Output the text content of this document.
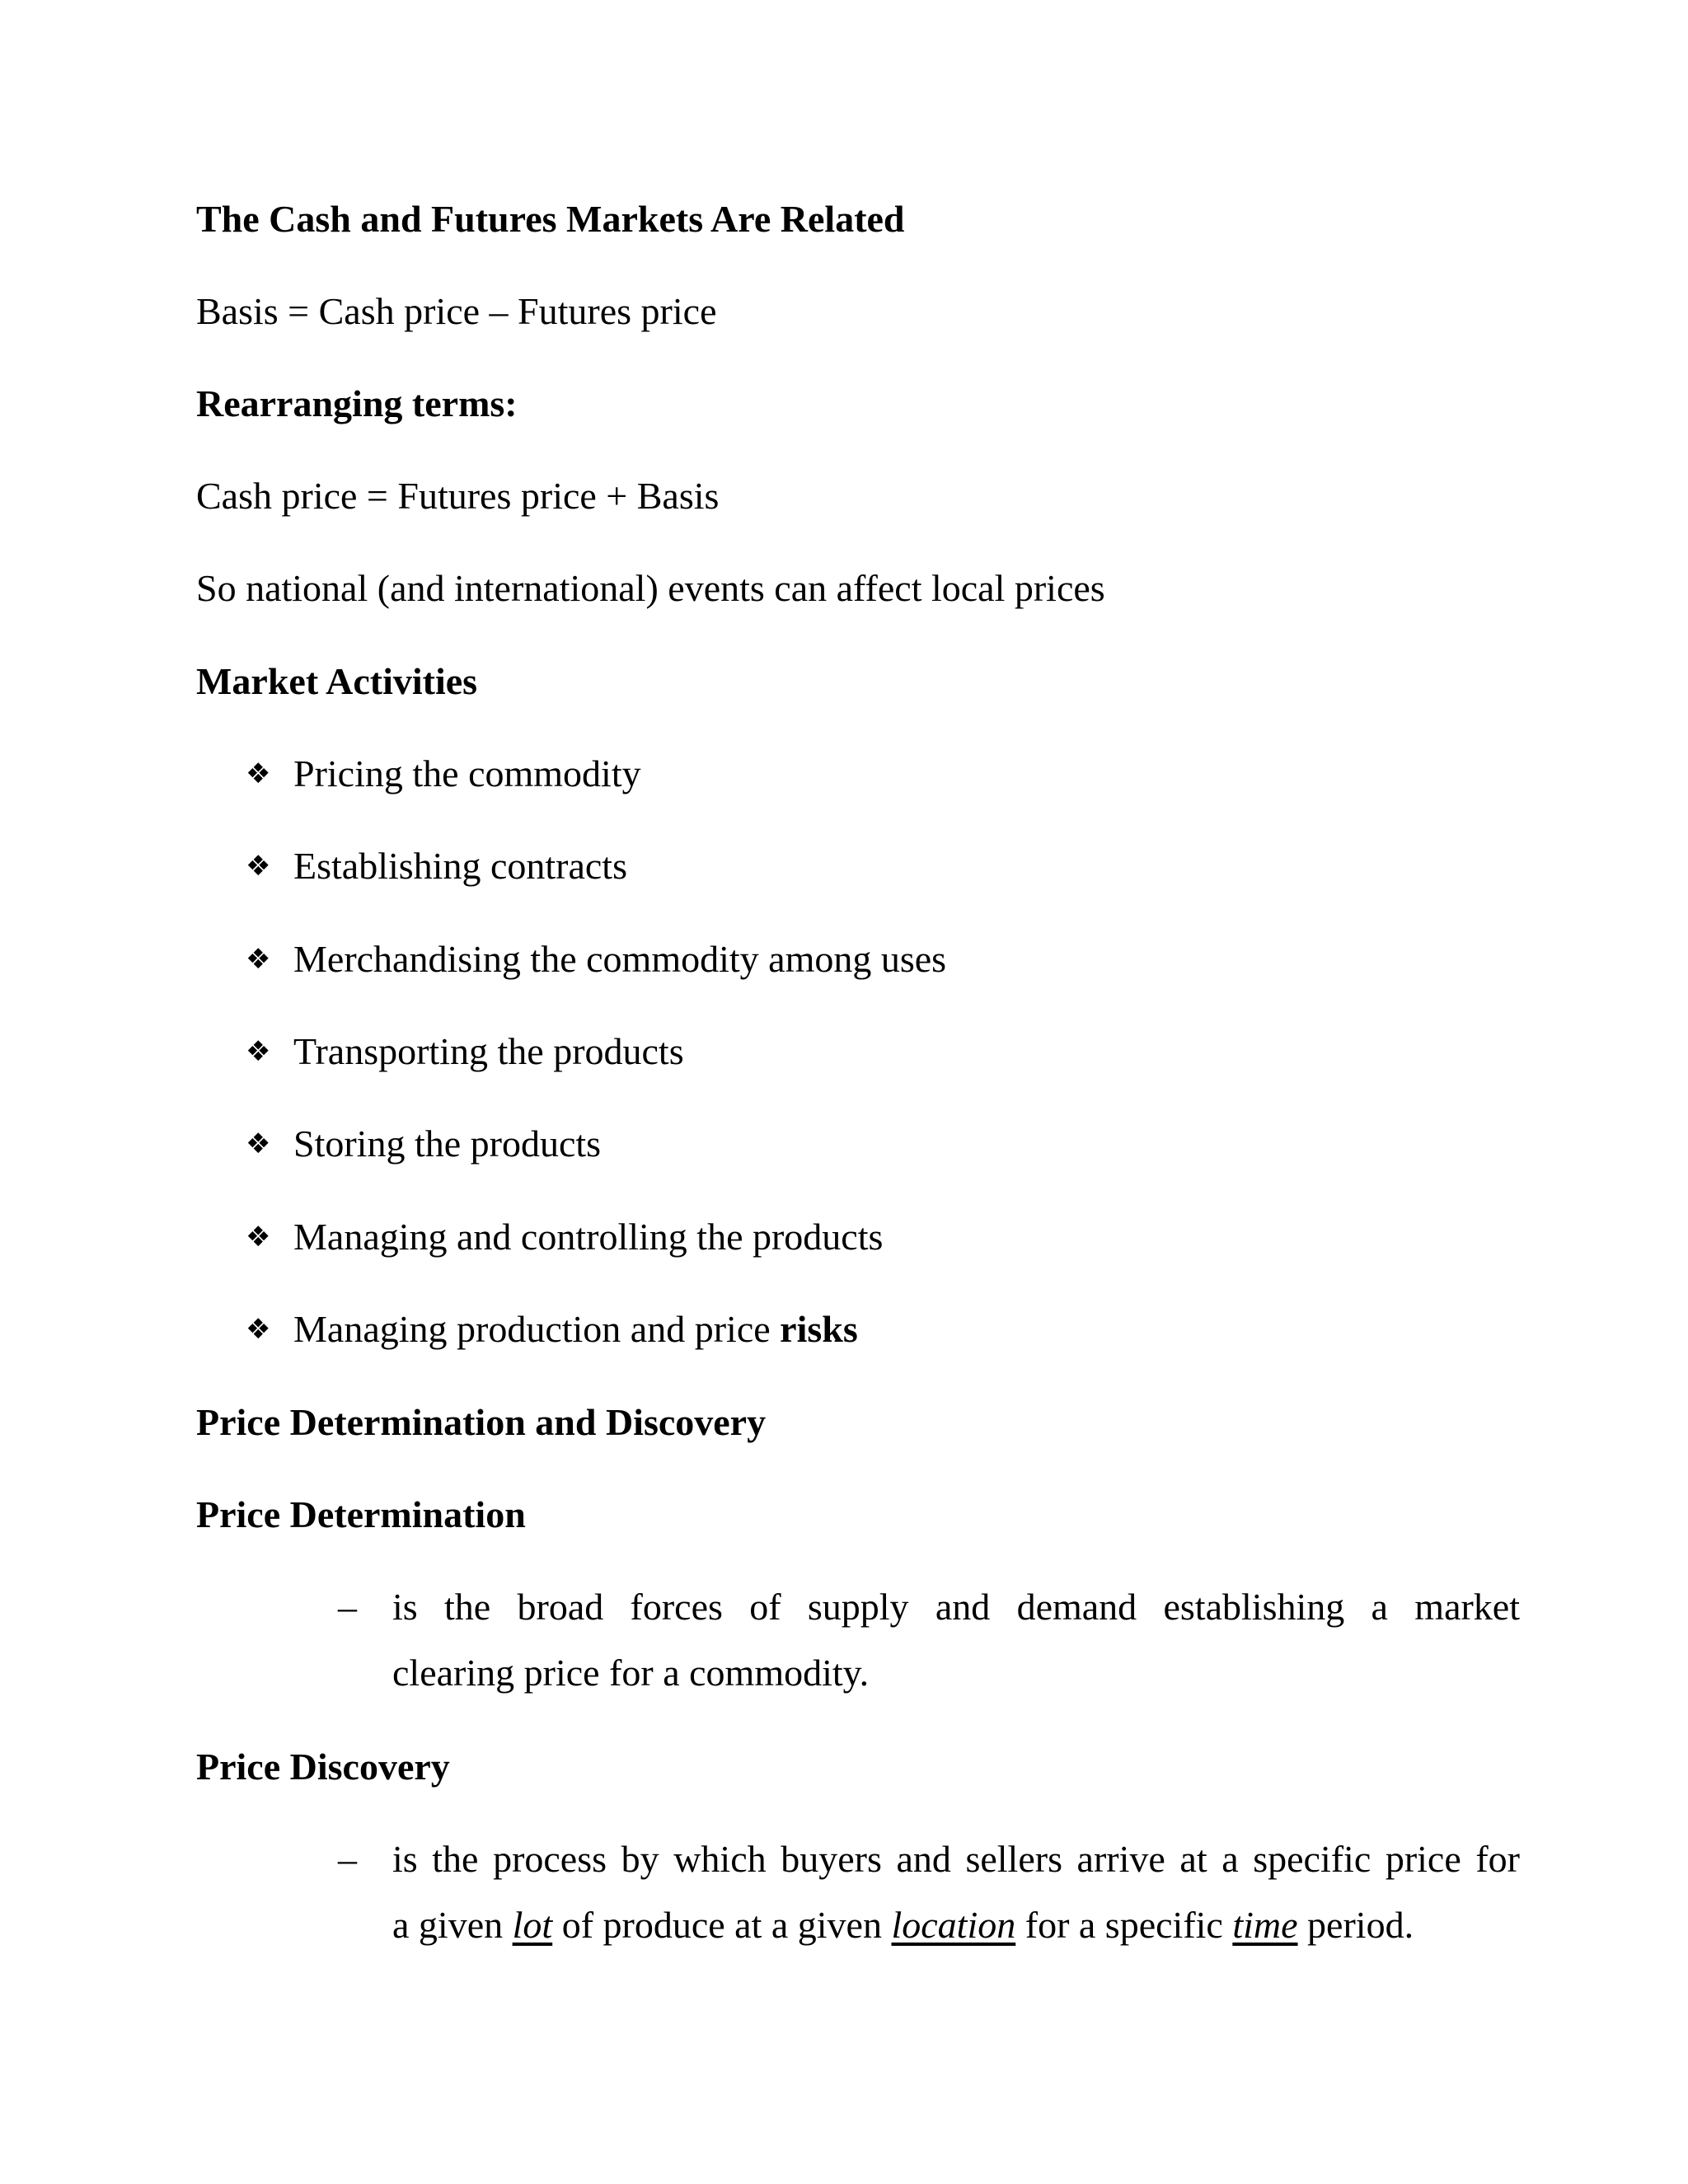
The Cash and Futures Markets Are Related
Basis = Cash price – Futures price
Rearranging terms:
Cash price = Futures price + Basis
So national (and international) events can affect local prices
Market Activities
❖ Pricing the commodity
❖ Establishing contracts
❖ Merchandising the commodity among uses
❖ Transporting the products
❖ Storing the products
❖ Managing and controlling the products
❖ Managing production and price risks
Price Determination and Discovery
Price Determination
– is the broad forces of supply and demand establishing a market
clearing price for a commodity.
Price Discovery
– is the process by which buyers and sellers arrive at a specific price for
a given lot of produce at a given location for a specific time period.
